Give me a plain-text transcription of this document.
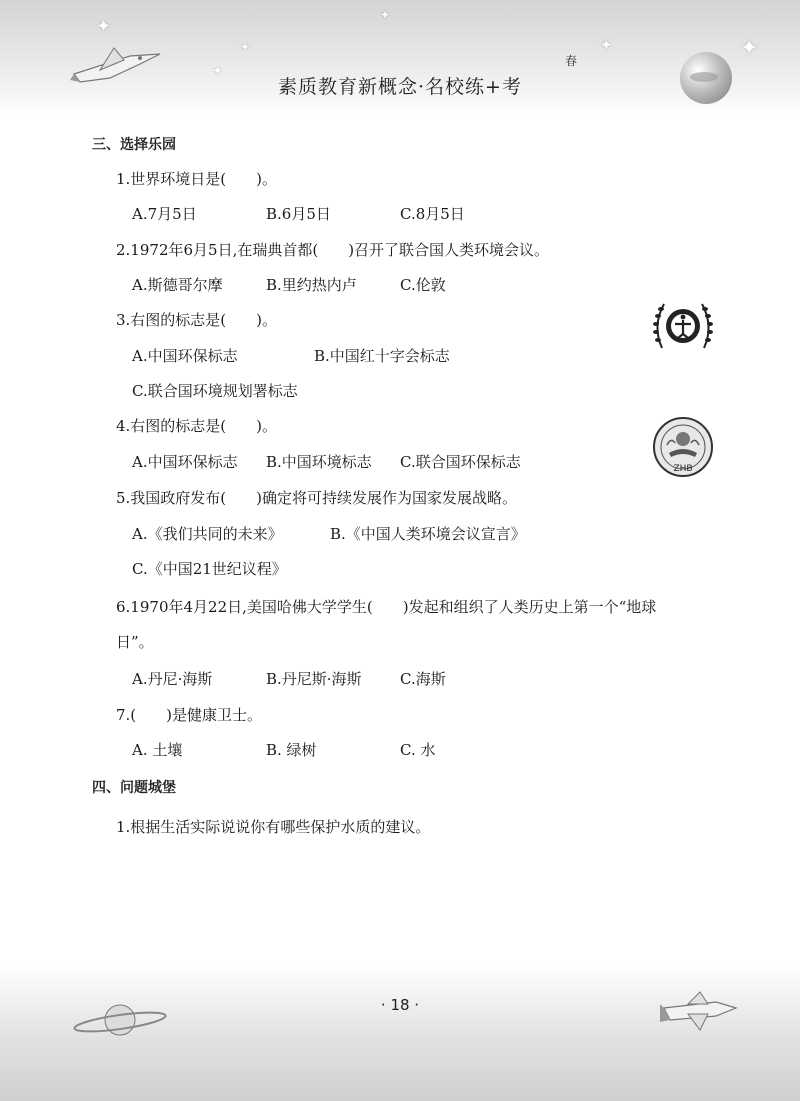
✦
✦
✦
✦
✦	✦
春
素质教育新概念·名校练+考
三、选择乐园
1.世界环境日是(　　)。
A.7月5日	B.6月5日	C.8月5日
2.1972年6月5日,在瑞典首都(　　)召开了联合国人类环境会议。
A.斯德哥尔摩	B.里约热内卢	C.伦敦
3.右图的标志是(　　)。
A.中国环保标志	B.中国红十字会标志
C.联合国环境规划署标志
4.右图的标志是(　　)。
A.中国环保标志 B.中国环境标志 C.联合国环保标志	ZHB
5.我国政府发布(　　)确定将可持续发展作为国家发展战略。
A.《我们共同的未来》	B.《中国人类环境会议宣言》
C.《中国21世纪议程》
6.1970年4月22日,美国哈佛大学学生(　　)发起和组织了人类历史上第一个“地球
日”。
A.丹尼·海斯	B.丹尼斯·海斯	C.海斯
7.(　　)是健康卫士。
A. 土壤	B. 绿树	C. 水
四、问题城堡
1.根据生活实际说说你有哪些保护水质的建议。
· 18 ·
